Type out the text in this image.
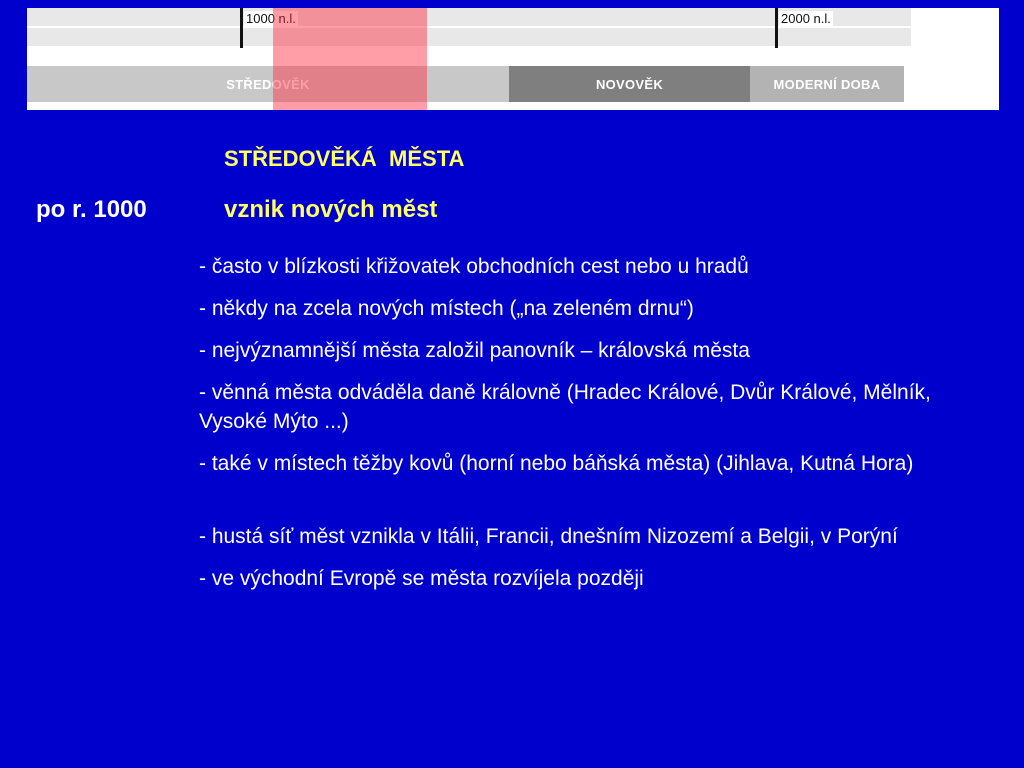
1000 n.l.	2000 n.l.
STŘEDOVĚK	NOVOVĚK	MODERNÍ DOBA
STŘEDOVĚKÁ  MĚSTA
po r. 1000	vznik nových měst
- často v blízkosti křižovatek obchodních cest nebo u hradů
- někdy na zcela nových místech („na zeleném drnu“)
- nejvýznamnější města založil panovník – královská města
- věnná města odváděla daně královně (Hradec Králové, Dvůr Králové, Mělník, Vysoké Mýto ...)
- také v místech těžby kovů (horní nebo báňská města) (Jihlava, Kutná Hora)
- hustá síť měst vznikla v Itálii, Francii, dnešním Nizozemí a Belgii, v Porýní
- ve východní Evropě se města rozvíjela později
